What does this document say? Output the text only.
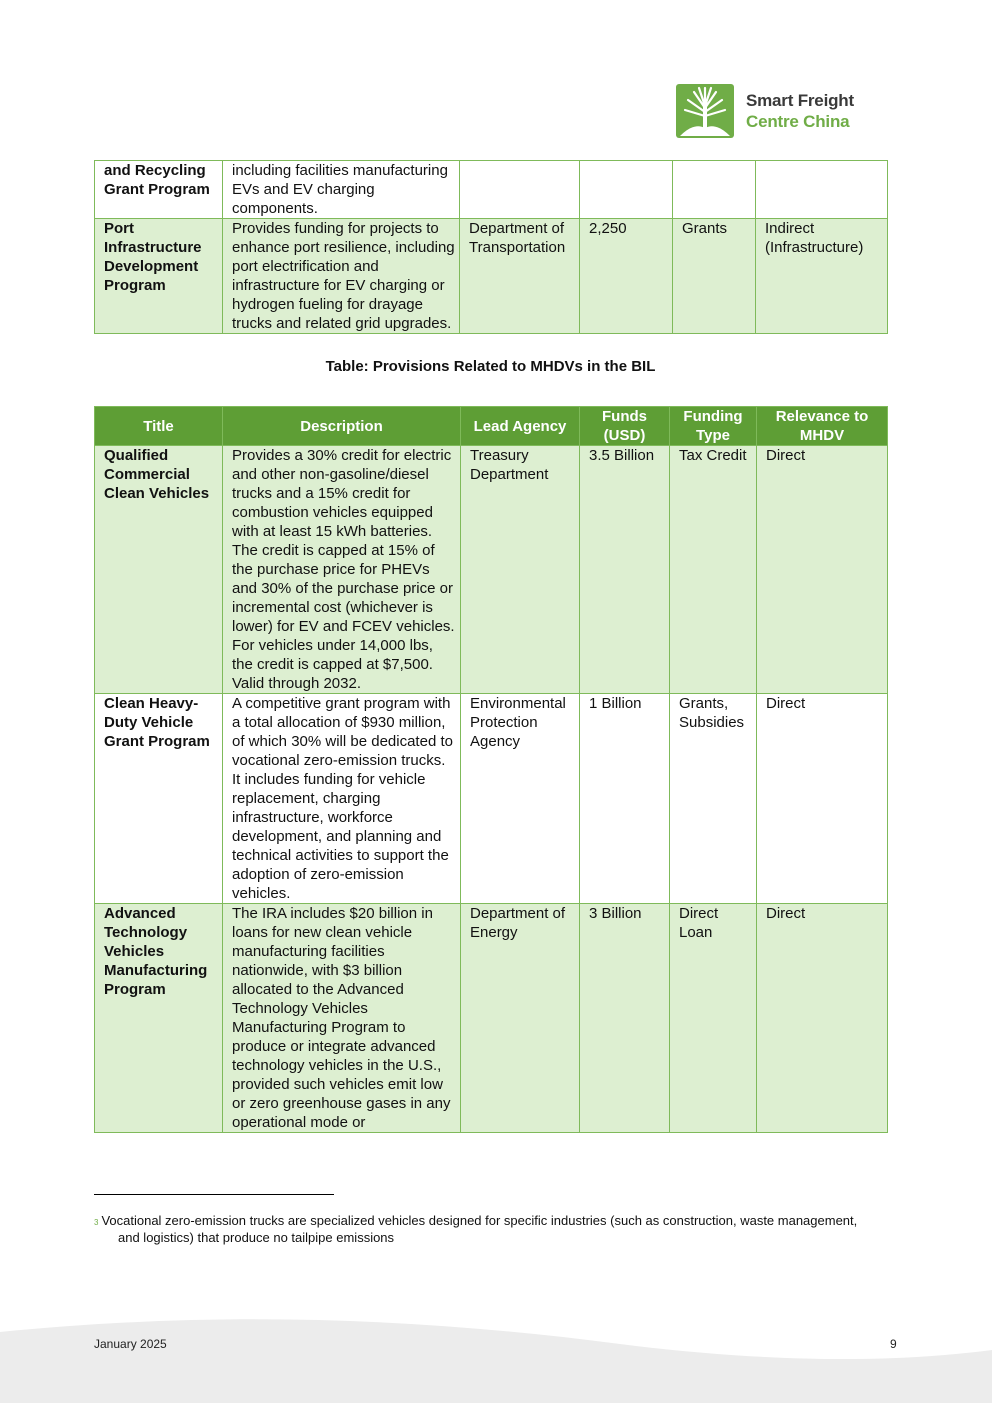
Smart Freight
Centre China
and Recycling Grant Program	including facilities manufacturing EVs and EV charging components.				
Port Infrastructure Development Program	Provides funding for projects to enhance port resilience, including port electrification and infrastructure for EV charging or hydrogen fueling for drayage trucks and related grid upgrades.	Department of Transportation	2,250	Grants	Indirect (Infrastructure)
Table: Provisions Related to MHDVs in the BIL
Title	Description	Lead Agency	Funds (USD)	Funding Type	Relevance to MHDV
Qualified Commercial Clean Vehicles	Provides a 30% credit for electric and other non-gasoline/diesel trucks and a 15% credit for combustion vehicles equipped with at least 15 kWh batteries. The credit is capped at 15% of the purchase price for PHEVs and 30% of the purchase price or incremental cost (whichever is lower) for EV and FCEV vehicles. For vehicles under 14,000 lbs, the credit is capped at $7,500. Valid through 2032.	Treasury Department	3.5 Billion	Tax Credit	Direct
Clean Heavy-Duty Vehicle Grant Program	A competitive grant program with a total allocation of $930 million, of which 30% will be dedicated to vocational zero-emission trucks. It includes funding for vehicle replacement, charging infrastructure, workforce development, and planning and technical activities to support the adoption of zero-emission vehicles.	Environmental Protection Agency	1 Billion	Grants, Subsidies	Direct
Advanced Technology Vehicles Manufacturing Program	The IRA includes $20 billion in loans for new clean vehicle manufacturing facilities nationwide, with $3 billion allocated to the Advanced Technology Vehicles Manufacturing Program to produce or integrate advanced technology vehicles in the U.S., provided such vehicles emit low or zero greenhouse gases in any operational mode or	Department of Energy	3 Billion	Direct Loan	Direct
$^3$ Vocational zero-emission trucks are specialized vehicles designed for specific industries (such as construction, waste management,
and logistics) that produce no tailpipe emissions
January 2025	9
